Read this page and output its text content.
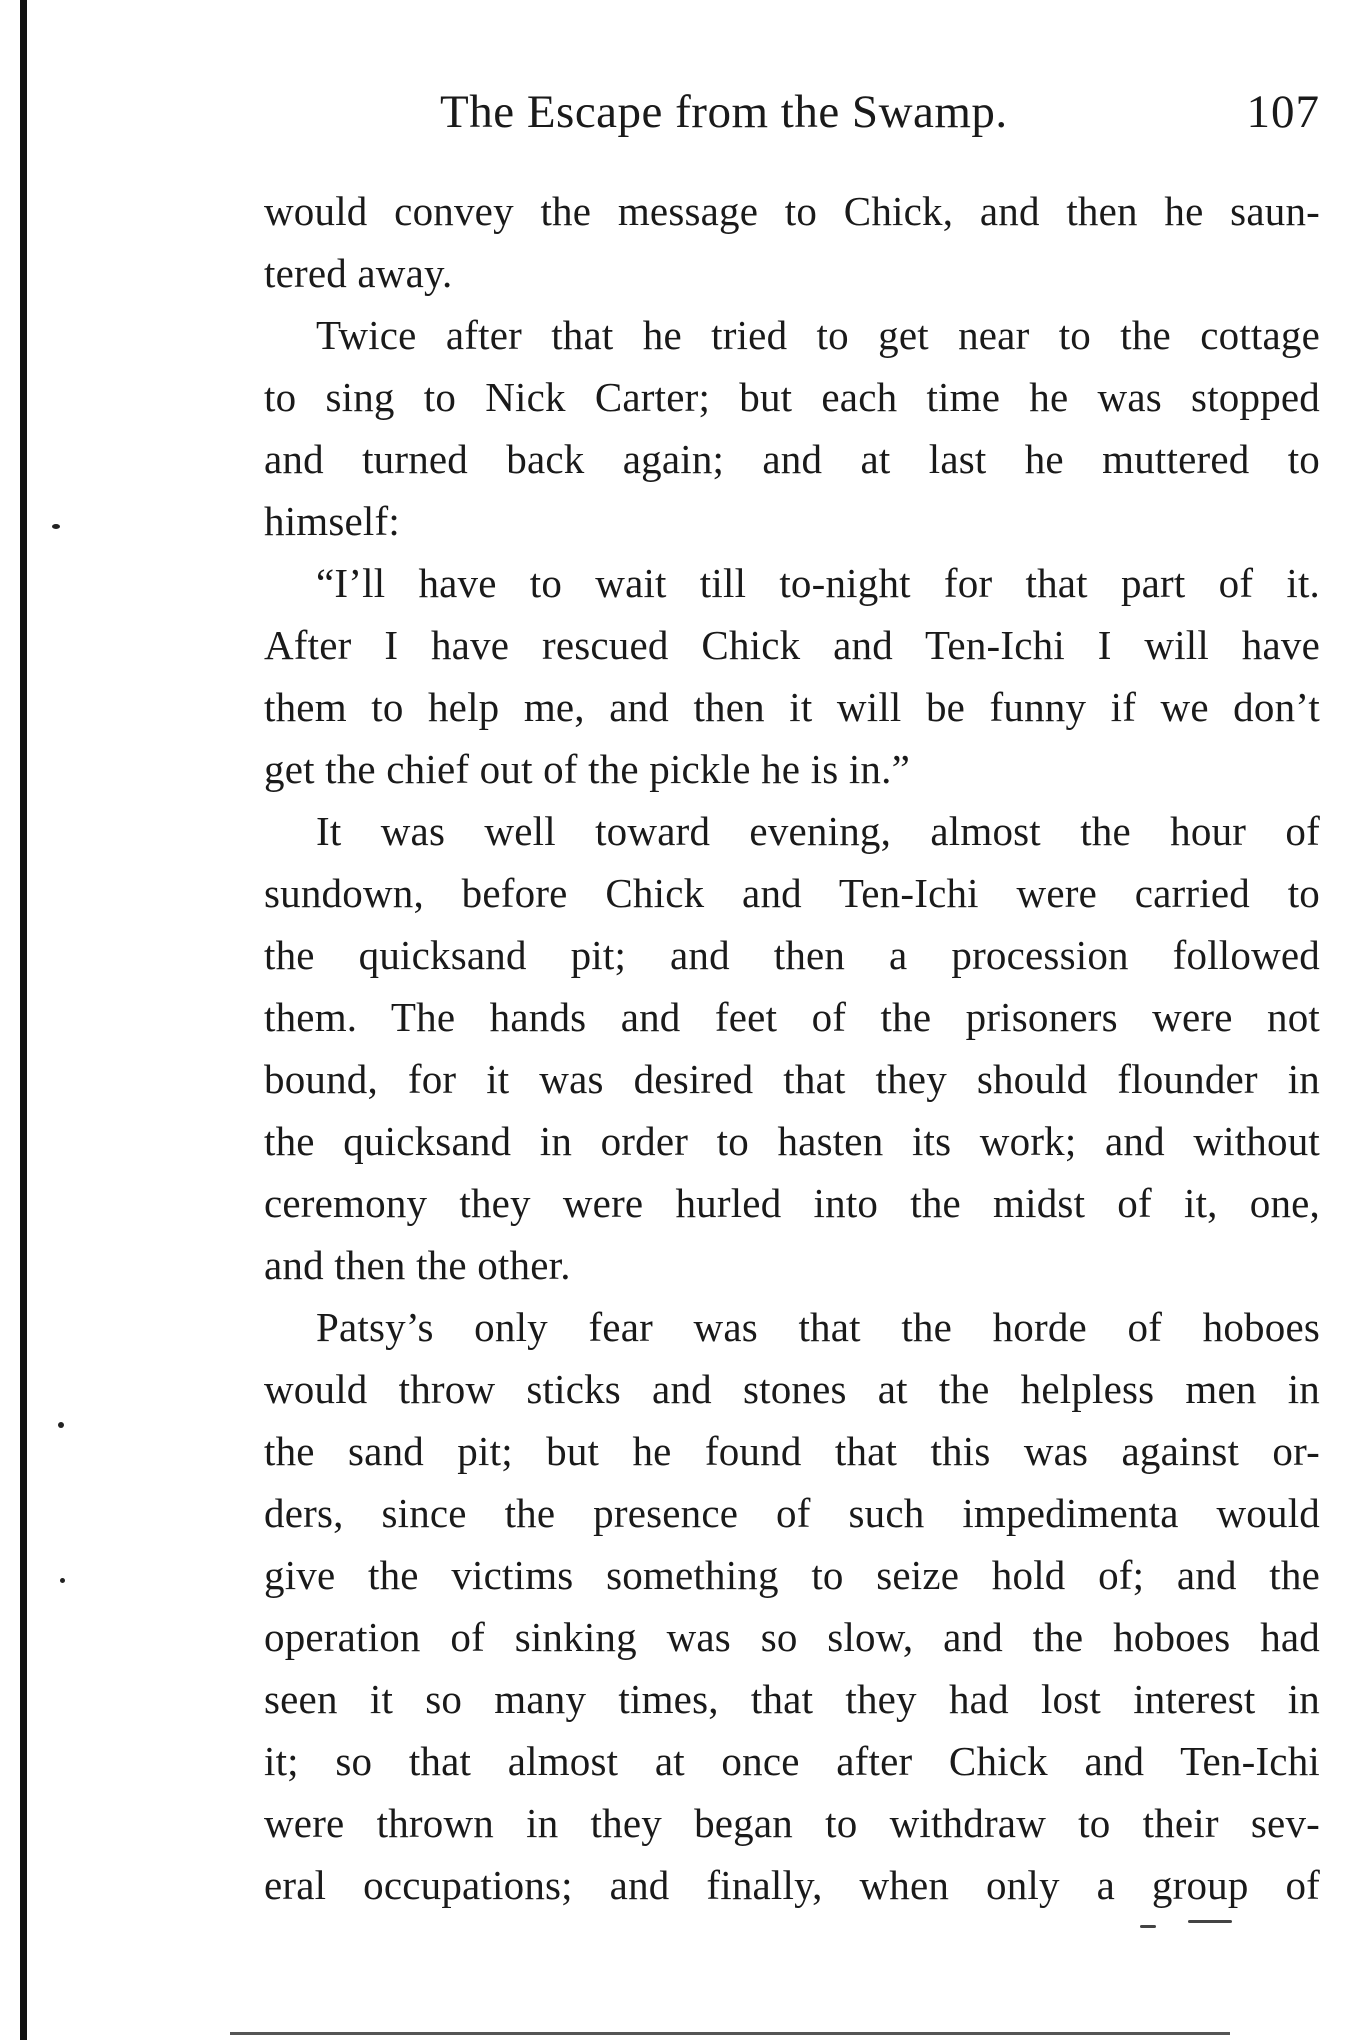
The Escape from the Swamp.	107
would convey the message to Chick, and then he saun-
tered away.
Twice after that he tried to get near to the cottage
to sing to Nick Carter; but each time he was stopped
and turned back again; and at last he muttered to
himself:
“I’ll have to wait till to-night for that part of it.
After I have rescued Chick and Ten-Ichi I will have
them to help me, and then it will be funny if we don’t
get the chief out of the pickle he is in.”
It was well toward evening, almost the hour of
sundown, before Chick and Ten-Ichi were carried to
the quicksand pit; and then a procession followed
them. The hands and feet of the prisoners were not
bound, for it was desired that they should flounder in
the quicksand in order to hasten its work; and without
ceremony they were hurled into the midst of it, one,
and then the other.
Patsy’s only fear was that the horde of hoboes
would throw sticks and stones at the helpless men in
the sand pit; but he found that this was against or-
ders, since the presence of such impedimenta would
give the victims something to seize hold of; and the
operation of sinking was so slow, and the hoboes had
seen it so many times, that they had lost interest in
it; so that almost at once after Chick and Ten-Ichi
were thrown in they began to withdraw to their sev-
eral occupations; and finally, when only a group of
